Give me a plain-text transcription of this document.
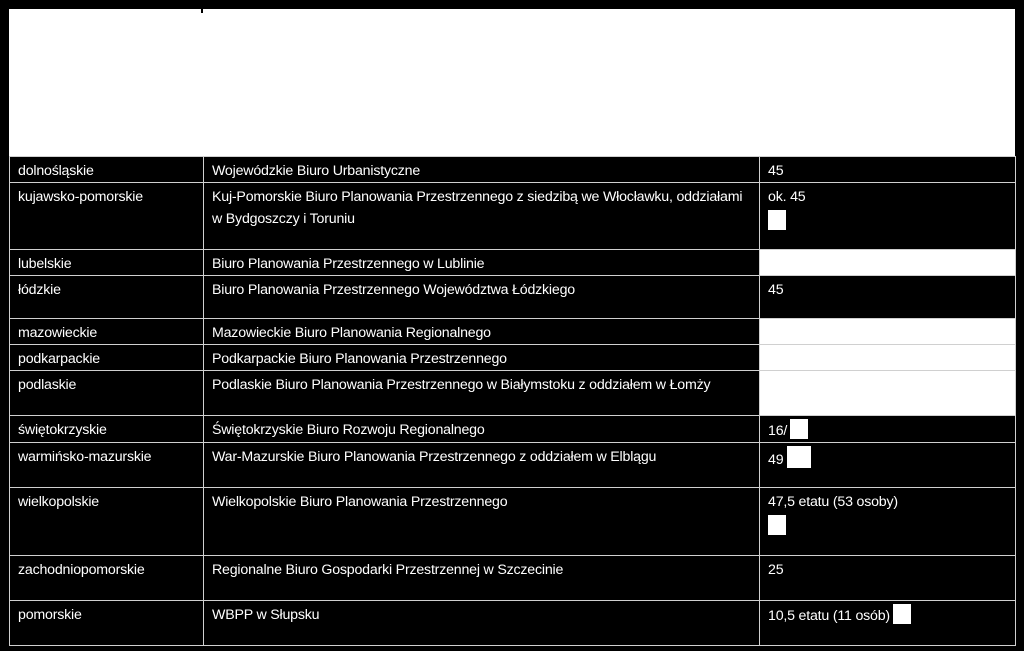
dolnośląskie	Wojewódzkie Biuro Urbanistyczne	45
kujawsko-pomorskie	Kuj-Pomorskie Biuro Planowania Przestrzennego z siedzibą we Włocławku, oddziałami w Bydgoszczy i Toruniu	ok. 45

lubelskie	Biuro Planowania Przestrzennego w Lublinie	
łódzkie	Biuro Planowania Przestrzennego Województwa Łódzkiego	45
mazowieckie	Mazowieckie Biuro Planowania Regionalnego	
podkarpackie	Podkarpackie Biuro Planowania Przestrzennego	
podlaskie	Podlaskie Biuro Planowania Przestrzennego w Białymstoku z oddziałem w Łomży	
świętokrzyskie	Świętokrzyskie Biuro Rozwoju Regionalnego	16/
warmińsko-mazurskie	War-Mazurskie Biuro Planowania Przestrzennego z oddziałem w Elblągu	49
wielkopolskie	Wielkopolskie Biuro Planowania Przestrzennego	47,5 etatu (53 osoby)

zachodniopomorskie	Regionalne Biuro Gospodarki Przestrzennej w Szczecinie	25
pomorskie	WBPP w Słupsku	10,5 etatu (11 osób)
